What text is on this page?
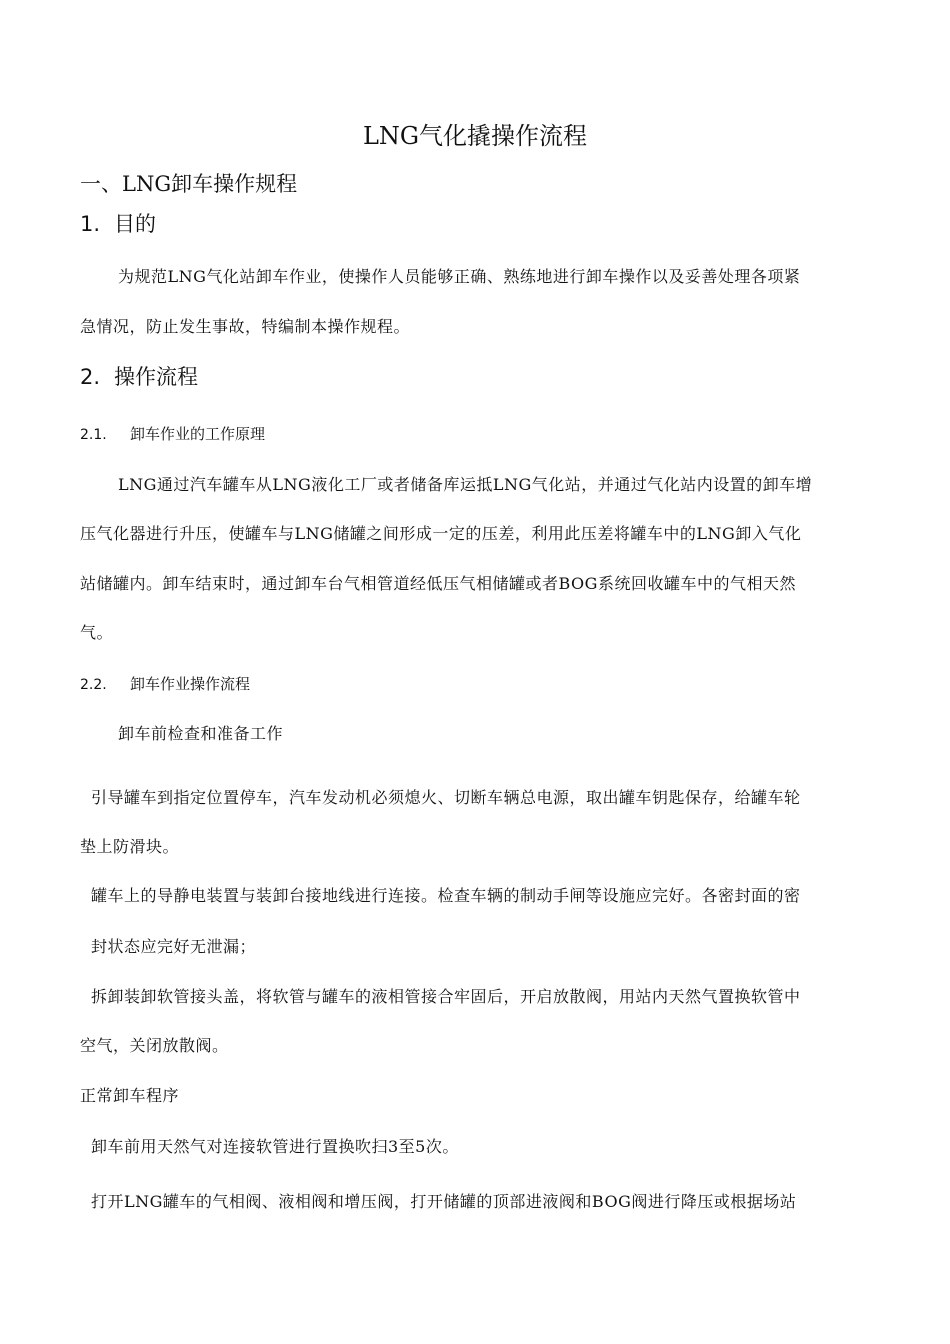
LNG气化撬操作流程
一、LNG卸车操作规程
1. 目的
为规范LNG气化站卸车作业，使操作人员能够正确、熟练地进行卸车操作以及妥善处理各项紧
急情况，防止发生事故，特编制本操作规程。
2. 操作流程
2.1. 卸车作业的工作原理
LNG通过汽车罐车从LNG液化工厂或者储备库运抵LNG气化站，并通过气化站内设置的卸车增
压气化器进行升压，使罐车与LNG储罐之间形成一定的压差，利用此压差将罐车中的LNG卸入气化
站储罐内。卸车结束时，通过卸车台气相管道经低压气相储罐或者BOG系统回收罐车中的气相天然
气。
2.2. 卸车作业操作流程
卸车前检查和准备工作
引导罐车到指定位置停车，汽车发动机必须熄火、切断车辆总电源，取出罐车钥匙保存，给罐车轮
垫上防滑块。
罐车上的导静电装置与装卸台接地线进行连接。检查车辆的制动手闸等设施应完好。各密封面的密
封状态应完好无泄漏；
拆卸装卸软管接头盖，将软管与罐车的液相管接合牢固后，开启放散阀，用站内天然气置换软管中
空气，关闭放散阀。
正常卸车程序
卸车前用天然气对连接软管进行置换吹扫3至5次。
打开LNG罐车的气相阀、液相阀和增压阀，打开储罐的顶部进液阀和BOG阀进行降压或根据场站
